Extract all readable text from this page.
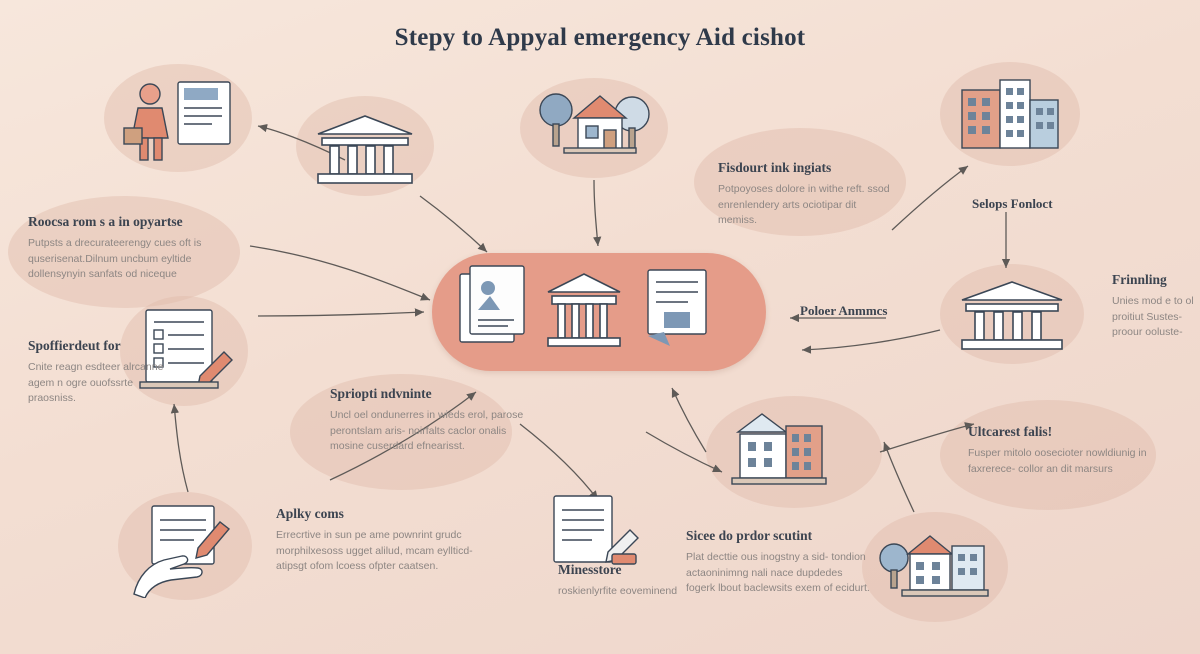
Stepy to Appyal emergency Aid cishot
Roocsa rom s a in opyartse
Putpsts a drecurateerengy cues oft is quserisenat.Dilnum uncbum eyltide dollensynyin sanfats od niceque
Spoffierdeut for
Cnite reagn esdteer alrcanne agem n ogre ouofssrte praosniss.
Aplky coms
Errecrtive in sun pe ame pownrint grudc morphilxesoss ugget alilud, mcam eyllticd- atipsgt ofom lcoess ofpter caatsen.
Spriopti ndvninte
Uncl oel ondunerres in wieds erol, parose perontslam aris- noirfalts caclor onalis mosine cuserdard efnearisst.
Minesstore
roskienlyrfite eoveminend
Sicee do prdor scutint
Plat decttie ous inogstny a sid- tondion actaoninimng nali nace dupdedes fogerk lbout baclewsits exem of ecidurt.
Fisdourt ink ingiats
Potpoyoses dolore in withe reft. ssod enrenlendery arts ociotipar dit memiss.
Selops Fonloct
Poloer Anmmcs
Frinnling
Unies mod e to ol proitiut Sustes- proour ooluste-
Ultcarest falis!
Fusper mitolo oosecioter nowldiunig in faxrerece- collor an dit marsurs
